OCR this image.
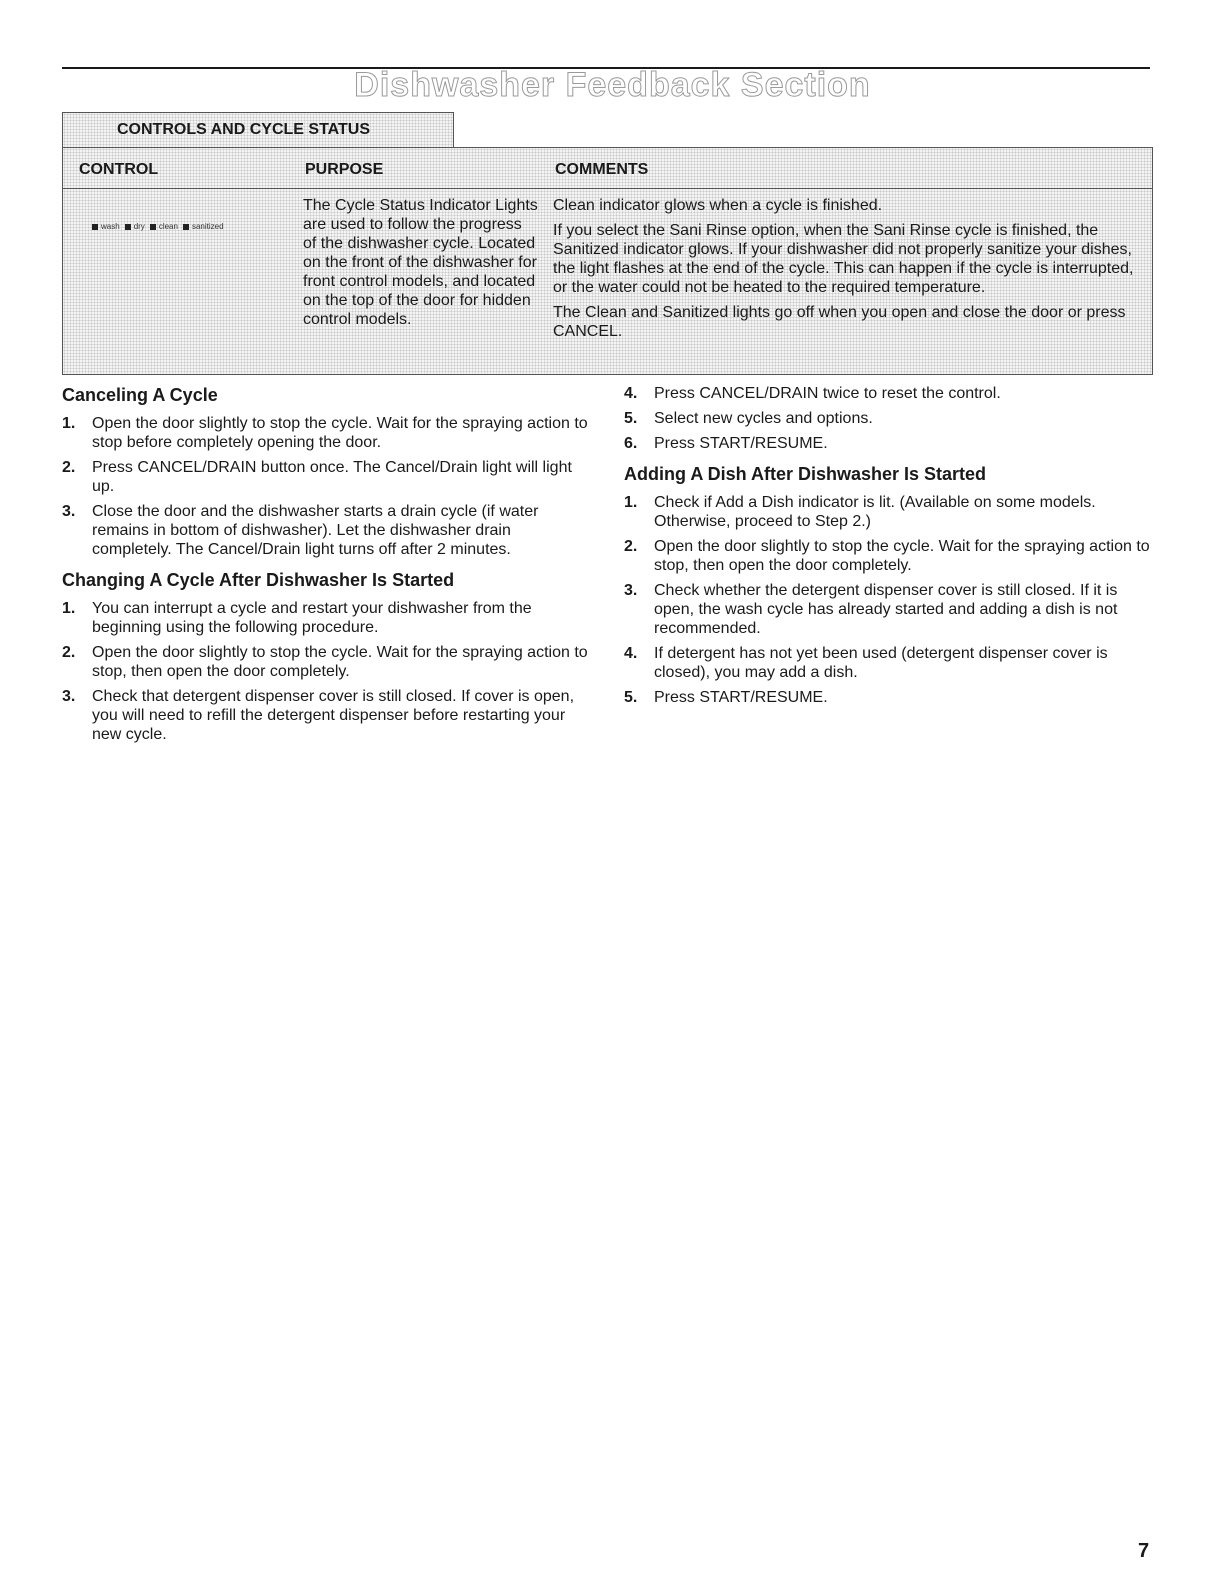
Dishwasher Feedback Section
CONTROLS AND CYCLE STATUS
CONTROL	PURPOSE	COMMENTS
wash dry clean sanitized
The Cycle Status Indicator Lights are used to follow the progress of the dishwasher cycle. Located on the front of the dishwasher for front control models, and located on the top of the door for hidden control models.

Clean indicator glows when a cycle is finished.

If you select the Sani Rinse option, when the Sani Rinse cycle is finished, the Sanitized indicator glows. If your dishwasher did not properly sanitize your dishes, the light flashes at the end of the cycle. This can happen if the cycle is interrupted, or the water could not be heated to the required temperature.

The Clean and Sanitized lights go off when you open and close the door or press CANCEL.

Canceling A Cycle
1. Open the door slightly to stop the cycle. Wait for the spraying action to stop before completely opening the door.
2. Press CANCEL/DRAIN button once. The Cancel/Drain light will light up.
3. Close the door and the dishwasher starts a drain cycle (if water remains in bottom of dishwasher). Let the dishwasher drain completely. The Cancel/Drain light turns off after 2 minutes.
Changing A Cycle After Dishwasher Is Started
1. You can interrupt a cycle and restart your dishwasher from the beginning using the following procedure.
2. Open the door slightly to stop the cycle. Wait for the spraying action to stop, then open the door completely.
3. Check that detergent dispenser cover is still closed. If cover is open, you will need to refill the detergent dispenser before restarting your new cycle.
4. Press CANCEL/DRAIN twice to reset the control.
5. Select new cycles and options.
6. Press START/RESUME.
Adding A Dish After Dishwasher Is Started
1. Check if Add a Dish indicator is lit. (Available on some models. Otherwise, proceed to Step 2.)
2. Open the door slightly to stop the cycle. Wait for the spraying action to stop, then open the door completely.
3. Check whether the detergent dispenser cover is still closed. If it is open, the wash cycle has already started and adding a dish is not recommended.
4. If detergent has not yet been used (detergent dispenser cover is closed), you may add a dish.
5. Press START/RESUME.
7
